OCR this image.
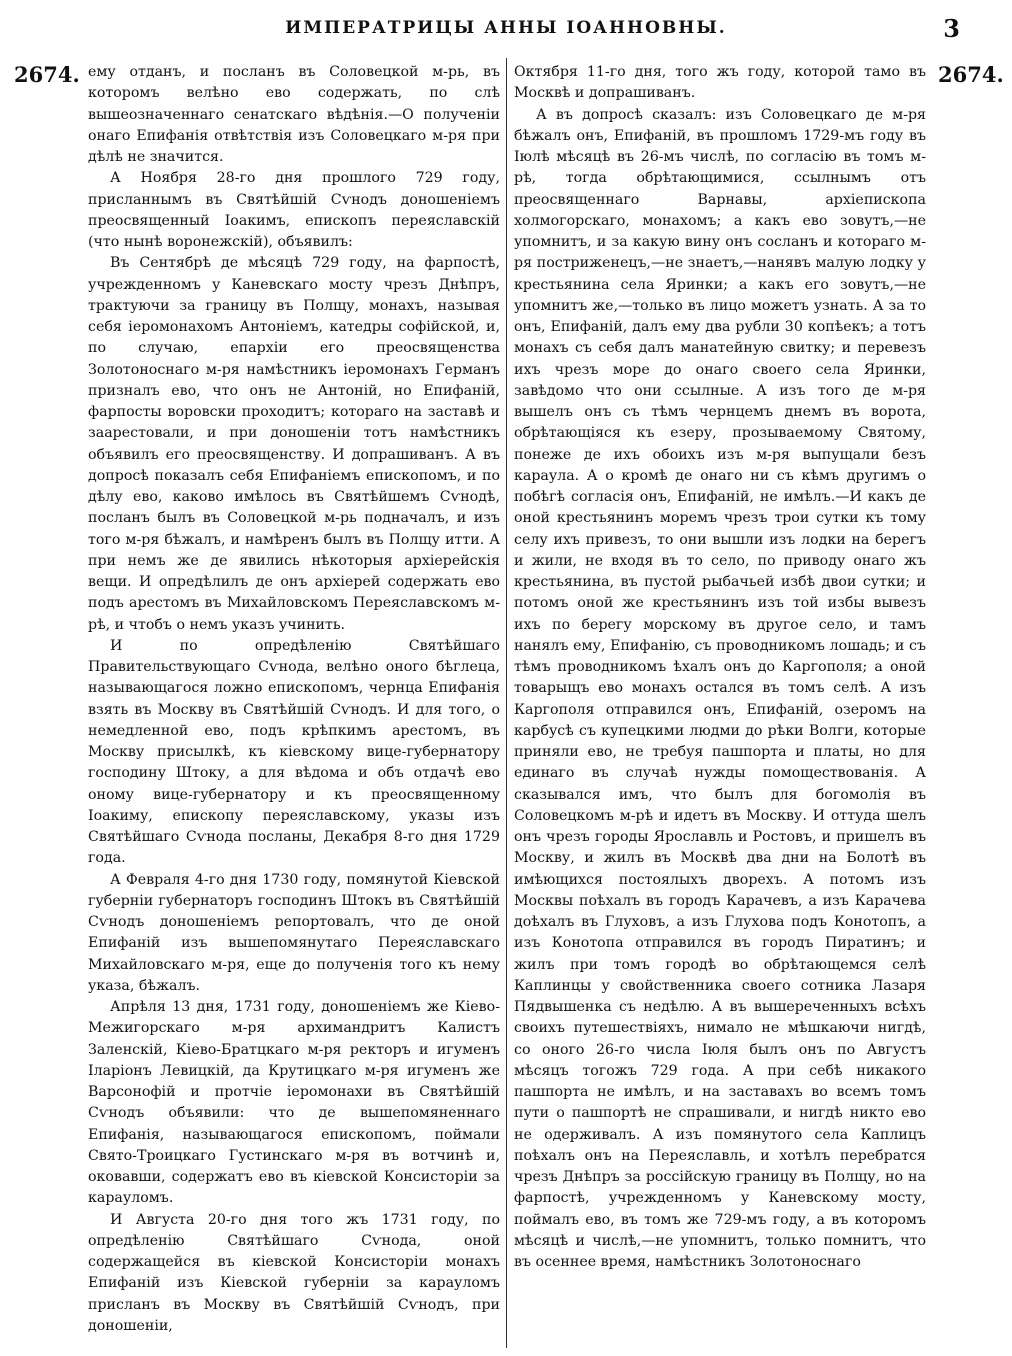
ИМПЕРАТРИЦЫ АННЫ ІОАННОВНЫ.	3
2674.	2674.

ему отданъ, и посланъ въ Соловецкой м-рь, въ которомъ велѣно ево содержать, по слѣ вышеозначеннаго сенатскаго вѣдѣнія.—О полученіи онаго Епифанія отвѣтствія изъ Соловецкаго м-ря при дѣлѣ не значится.

А Ноября 28-го дня прошлого 729 году, присланнымъ въ Святѣйшій Сѵнодъ доношеніемъ преосвященный Іоакимъ, епископъ переяславскій (что нынѣ воронежскій), объявилъ:

Въ Сентябрѣ де мѣсяцѣ 729 году, на фарпостѣ, учрежденномъ у Каневскаго мосту чрезъ Днѣпръ, трактуючи за границу въ Полщу, монахъ, называя себя іеромонахомъ Антоніемъ, катедры софійской, и, по случаю, епархіи его преосвященства Золотоноснаго м-ря намѣстникъ іеромонахъ Германъ призналъ ево, что онъ не Антоній, но Епифаній, фарпосты воровски проходитъ; котораго на заставѣ и заарестовали, и при доношеніи тотъ намѣстникъ объявилъ его преосвященству. И допрашиванъ. А въ допросѣ показалъ себя Епифаніемъ епископомъ, и по дѣлу ево, каково имѣлось въ Святѣйшемъ Сѵнодѣ, посланъ былъ въ Соловецкой м-рь подначалъ, и изъ того м-ря бѣжалъ, и намѣренъ былъ въ Полщу итти. А при немъ же де явились нѣкоторыя архіерейскія вещи. И опредѣлилъ де онъ архіерей содержать ево подъ арестомъ въ Михайловскомъ Переяславскомъ м-рѣ, и чтобъ о немъ указъ учинить.

И по опредѣленію Святѣйшаго Правительствующаго Сѵнода, велѣно оного бѣглеца, называющагося ложно епископомъ, чернца Епифанія взять въ Москву въ Святѣйшій Сѵнодъ. И для того, о немедленной ево, подъ крѣпкимъ арестомъ, въ Москву присылкѣ, къ кіевскому вице-губернатору господину Штоку, а для вѣдома и объ отдачѣ ево оному вице-губернатору и къ преосвященному Іоакиму, епископу переяславскому, указы изъ Святѣйшаго Сѵнода посланы, Декабря 8-го дня 1729 года.

А Февраля 4-го дня 1730 году, помянутой Кіевской губерніи губернаторъ господинъ Штокъ въ Святѣйшій Сѵнодъ доношеніемъ репортовалъ, что де оной Епифаній изъ вышепомянутаго Переяславскаго Михайловскаго м-ря, еще до полученія того къ нему указа, бѣжалъ.

Апрѣля 13 дня, 1731 году, доношеніемъ же Кіево-Межигорскаго м-ря архимандритъ Калистъ Заленскій, Кіево-Братцкаго м-ря ректоръ и игуменъ Іларіонъ Левицкій, да Крутицкаго м-ря игуменъ же Варсонофій и протчіе іеромонахи въ Святѣйшій Сѵнодъ объявили: что де вышепомяненнаго Епифанія, называющагося епископомъ, поймали Свято-Троицкаго Густинскаго м-ря въ вотчинѣ и, оковавши, содержатъ ево въ кіевской Консисторіи за карауломъ.

И Августа 20-го дня того жъ 1731 году, по опредѣленію Святѣйшаго Сѵнода, оной содержащейся въ кіевской Консисторіи монахъ Епифаній изъ Кіевской губерніи за карауломъ присланъ въ Москву въ Святѣйшій Сѵнодъ, при доношеніи,

Октября 11-го дня, того жъ году, которой тамо въ Москвѣ и допрашиванъ.

А въ допросѣ сказалъ: изъ Соловецкаго де м-ря бѣжалъ онъ, Епифаній, въ прошломъ 1729-мъ году въ Іюлѣ мѣсяцѣ въ 26-мъ числѣ, по согласію въ томъ м-рѣ, тогда обрѣтающимися, ссылнымъ отъ преосвященнаго Варнавы, архіепископа холмогорскаго, монахомъ; а какъ ево зовутъ,—не упомнитъ, и за какую вину онъ сосланъ и котораго м-ря постриженецъ,—не знаетъ,—нанявъ малую лодку у крестьянина села Яринки; а какъ его зовутъ,—не упомнитъ же,—только въ лицо можетъ узнать. А за то онъ, Епифаній, далъ ему два рубли 30 копѣекъ; а тотъ монахъ съ себя далъ манатейную свитку; и перевезъ ихъ чрезъ море до онаго своего села Яринки, завѣдомо что они ссылные. А изъ того де м-ря вышелъ онъ съ тѣмъ чернцемъ днемъ въ ворота, обрѣтающіяся къ езеру, прозываемому Святому, понеже де ихъ обоихъ изъ м-ря выпущали безъ караула. А о кромѣ де онаго ни съ кѣмъ другимъ о побѣгѣ согласія онъ, Епифаній, не имѣлъ.—И какъ де оной крестьянинъ моремъ чрезъ трои сутки къ тому селу ихъ привезъ, то они вышли изъ лодки на берегъ и жили, не входя въ то село, по приводу онаго жъ крестьянина, въ пустой рыбачьей избѣ двои сутки; и потомъ оной же крестьянинъ изъ той избы вывезъ ихъ по берегу морскому въ другое село, и тамъ нанялъ ему, Епифанію, съ проводникомъ лошадь; и съ тѣмъ проводникомъ ѣхалъ онъ до Каргополя; а оной товарыщъ ево монахъ остался въ томъ селѣ. А изъ Каргополя отправился онъ, Епифаній, озеромъ на карбусѣ съ купецкими людми до рѣки Волги, которые приняли ево, не требуя пашпорта и платы, но для единаго въ случаѣ нужды помоществованія. А сказывался имъ, что былъ для богомолія въ Соловецкомъ м-рѣ и идетъ въ Москву. И оттуда шелъ онъ чрезъ городы Ярославль и Ростовъ, и пришелъ въ Москву, и жилъ въ Москвѣ два дни на Болотѣ въ имѣющихся постоялыхъ дворехъ. А потомъ изъ Москвы поѣхалъ въ городъ Карачевъ, а изъ Карачева доѣхалъ въ Глуховъ, а изъ Глухова подъ Конотопъ, а изъ Конотопа отправился въ городъ Пиратинъ; и жилъ при томъ городѣ во обрѣтающемся селѣ Каплинцы у свойственника своего сотника Лазаря Пядвышенка съ недѣлю. А въ вышереченныхъ всѣхъ своихъ путешествіяхъ, нимало не мѣшкаючи нигдѣ, со оного 26-го числа Іюля былъ онъ по Августъ мѣсяцъ тогожъ 729 года. А при себѣ никакого пашпорта не имѣлъ, и на заставахъ во всемъ томъ пути о пашпортѣ не спрашивали, и нигдѣ никто ево не одерживалъ. А изъ помянутого села Каплицъ поѣхалъ онъ на Переяславль, и хотѣлъ перебратся чрезъ Днѣпръ за россійскую границу въ Полщу, но на фарпостѣ, учрежденномъ у Каневскому мосту, поймалъ ево, въ томъ же 729-мъ году, а въ которомъ мѣсяцѣ и числѣ,—не упомнитъ, только помнитъ, что въ осеннее время, намѣстникъ Золотоноснаго
